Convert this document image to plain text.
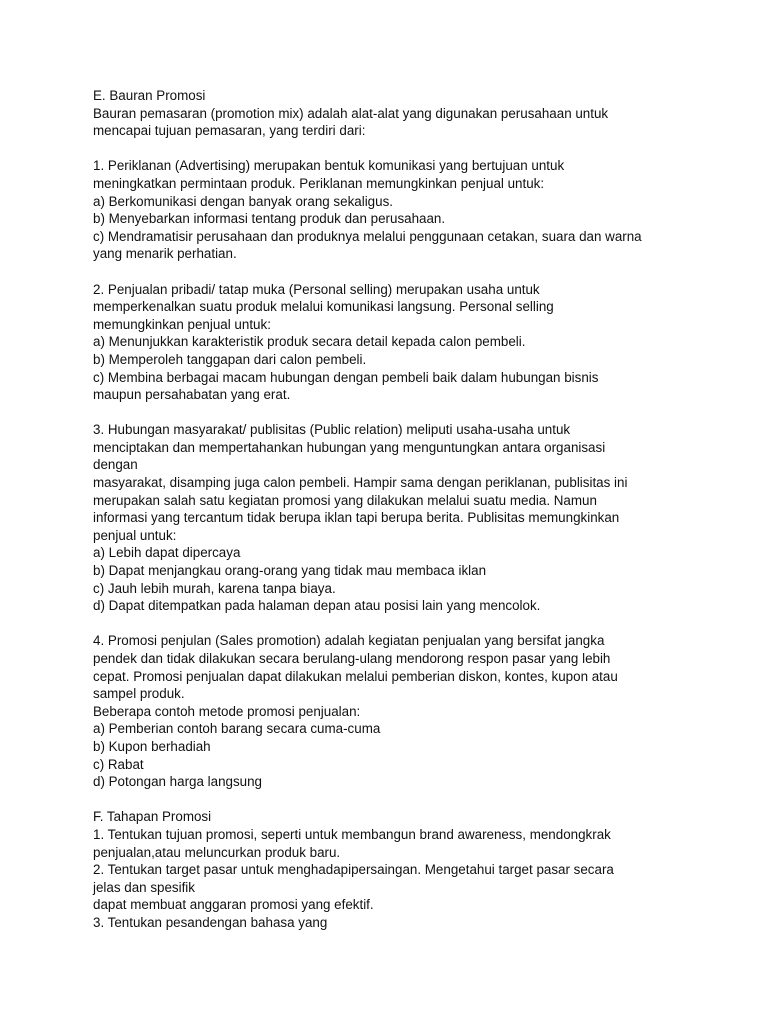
E. Bauran Promosi
Bauran pemasaran (promotion mix) adalah alat-alat yang digunakan perusahaan untuk
mencapai tujuan pemasaran, yang terdiri dari:
1. Periklanan (Advertising) merupakan bentuk komunikasi yang bertujuan untuk
meningkatkan permintaan produk. Periklanan memungkinkan penjual untuk:
a) Berkomunikasi dengan banyak orang sekaligus.
b) Menyebarkan informasi tentang produk dan perusahaan.
c) Mendramatisir perusahaan dan produknya melalui penggunaan cetakan, suara dan warna
yang menarik perhatian.
2. Penjualan pribadi/ tatap muka (Personal selling) merupakan usaha untuk
memperkenalkan suatu produk melalui komunikasi langsung. Personal selling
memungkinkan penjual untuk:
a) Menunjukkan karakteristik produk secara detail kepada calon pembeli.
b) Memperoleh tanggapan dari calon pembeli.
c) Membina berbagai macam hubungan dengan pembeli baik dalam hubungan bisnis
maupun persahabatan yang erat.
3. Hubungan masyarakat/ publisitas (Public relation) meliputi usaha-usaha untuk
menciptakan dan mempertahankan hubungan yang menguntungkan antara organisasi
dengan
masyarakat, disamping juga calon pembeli. Hampir sama dengan periklanan, publisitas ini
merupakan salah satu kegiatan promosi yang dilakukan melalui suatu media. Namun
informasi yang tercantum tidak berupa iklan tapi berupa berita. Publisitas memungkinkan
penjual untuk:
a) Lebih dapat dipercaya
b) Dapat menjangkau orang-orang yang tidak mau membaca iklan
c) Jauh lebih murah, karena tanpa biaya.
d) Dapat ditempatkan pada halaman depan atau posisi lain yang mencolok.
4. Promosi penjulan (Sales promotion) adalah kegiatan penjualan yang bersifat jangka
pendek dan tidak dilakukan secara berulang-ulang mendorong respon pasar yang lebih
cepat. Promosi penjualan dapat dilakukan melalui pemberian diskon, kontes, kupon atau
sampel produk.
Beberapa contoh metode promosi penjualan:
a) Pemberian contoh barang secara cuma-cuma
b) Kupon berhadiah
c) Rabat
d) Potongan harga langsung
F. Tahapan Promosi
1. Tentukan tujuan promosi, seperti untuk membangun brand awareness, mendongkrak
penjualan,atau meluncurkan produk baru.
2. Tentukan target pasar untuk menghadapipersaingan. Mengetahui target pasar secara
jelas dan spesifik
dapat membuat anggaran promosi yang efektif.
3. Tentukan pesandengan bahasa yang
